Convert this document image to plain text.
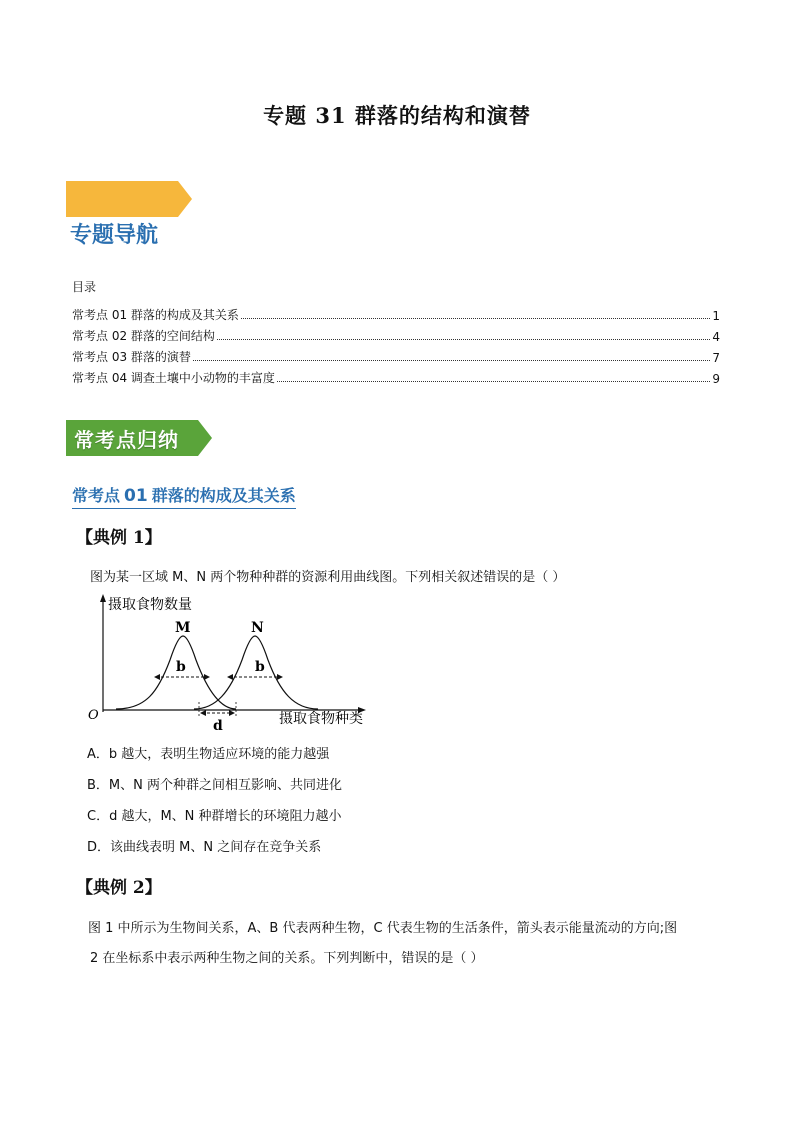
专题 31 群落的结构和演替
专题导航
目录
常考点 01 群落的构成及其关系	1
常考点 02 群落的空间结构	4
常考点 03 群落的演替	7
常考点 04 调查土壤中小动物的丰富度	9
常考点归纳
常考点 01 群落的构成及其关系
【典例 1】
图为某一区域 M、N 两个物种种群的资源利用曲线图。下列相关叙述错误的是（ ）
摄取食物数量
摄取食物种类
O
M	N
b	b
d
A．b 越大，表明生物适应环境的能力越强
B．M、N 两个种群之间相互影响、共同进化
C．d 越大，M、N 种群增长的环境阻力越小
D．该曲线表明 M、N 之间存在竞争关系
【典例 2】
图 1 中所示为生物间关系，A、B 代表两种生物，C 代表生物的生活条件，箭头表示能量流动的方向;图
2 在坐标系中表示两种生物之间的关系。下列判断中，错误的是（ ）
